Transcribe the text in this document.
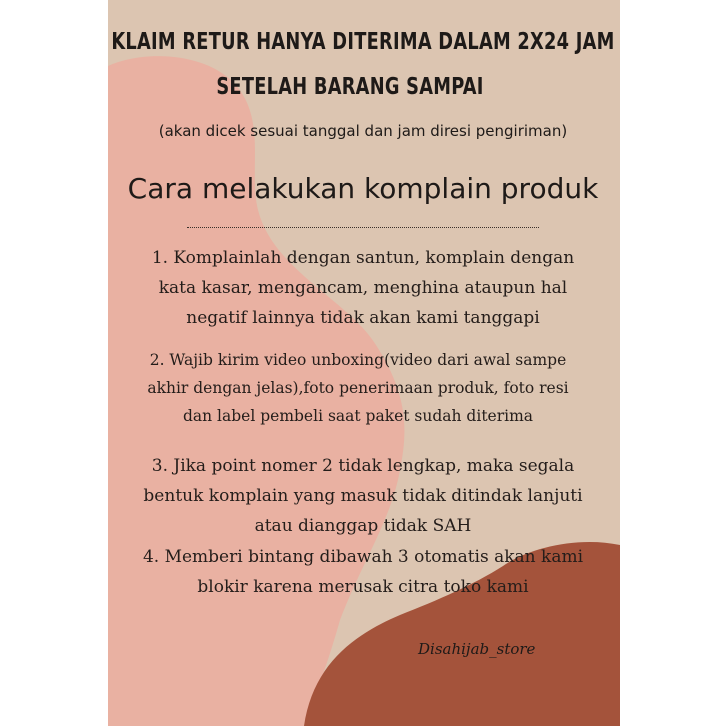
KLAIM RETUR HANYA DITERIMA DALAM 2X24 JAM
SETELAH BARANG SAMPAI
(akan dicek sesuai tanggal dan jam diresi pengiriman)
Cara melakukan komplain produk
1. Komplainlah dengan santun, komplain dengan
kata kasar, mengancam, menghina ataupun hal
negatif lainnya tidak akan kami tanggapi
2. Wajib kirim video unboxing(video dari awal sampe
akhir dengan jelas),foto penerimaan produk, foto resi
dan label pembeli saat paket sudah diterima
3. Jika point nomer 2 tidak lengkap, maka segala
bentuk komplain yang masuk tidak ditindak lanjuti
atau dianggap tidak SAH
4. Memberi bintang dibawah 3 otomatis akan kami
blokir karena merusak citra toko kami
Disahijab_store
